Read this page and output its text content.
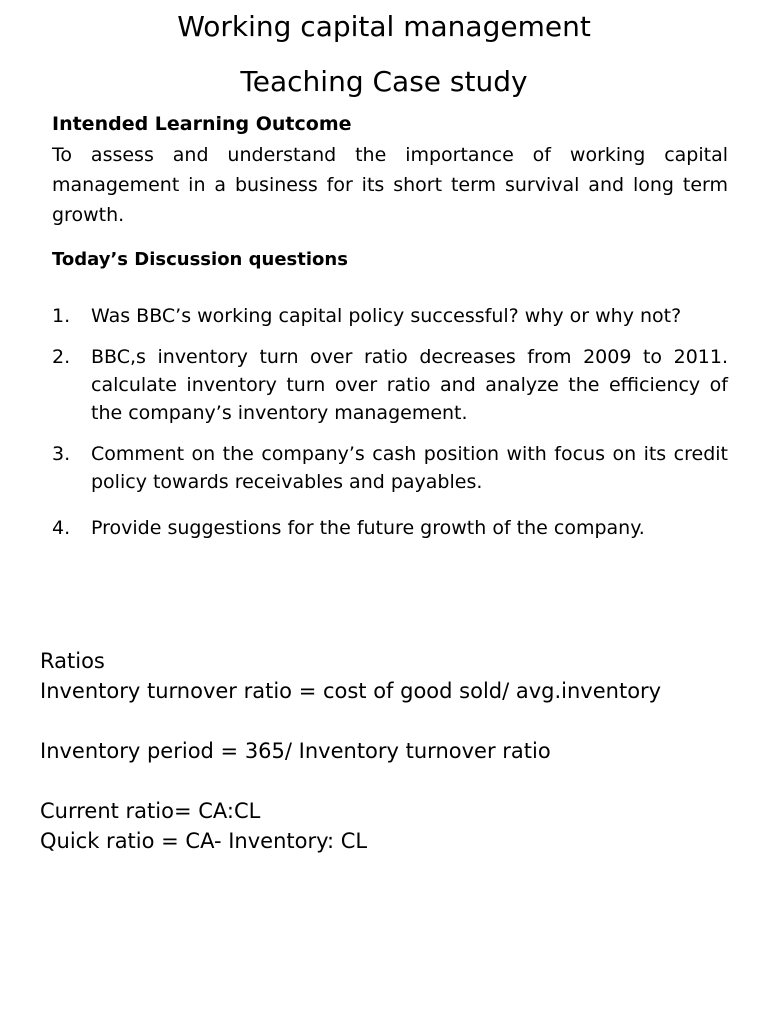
Working capital management
Teaching Case study
Intended Learning Outcome
To assess and understand the importance of working capital management in a business for its short term survival and long term growth.
Today’s Discussion questions
1.	Was BBC’s working capital policy successful? why or why not?
2.	BBC,s inventory turn over ratio decreases from 2009 to 2011. calculate inventory turn over ratio and analyze the efficiency of the company’s inventory management.
3.	Comment on the company’s cash position with focus on its credit policy towards receivables and payables.
4.	Provide suggestions for the future growth of the company.
Ratios
Inventory turnover ratio = cost of good sold/ avg.inventory
Inventory period = 365/ Inventory turnover ratio
Current ratio= CA:CL
Quick ratio = CA- Inventory: CL
